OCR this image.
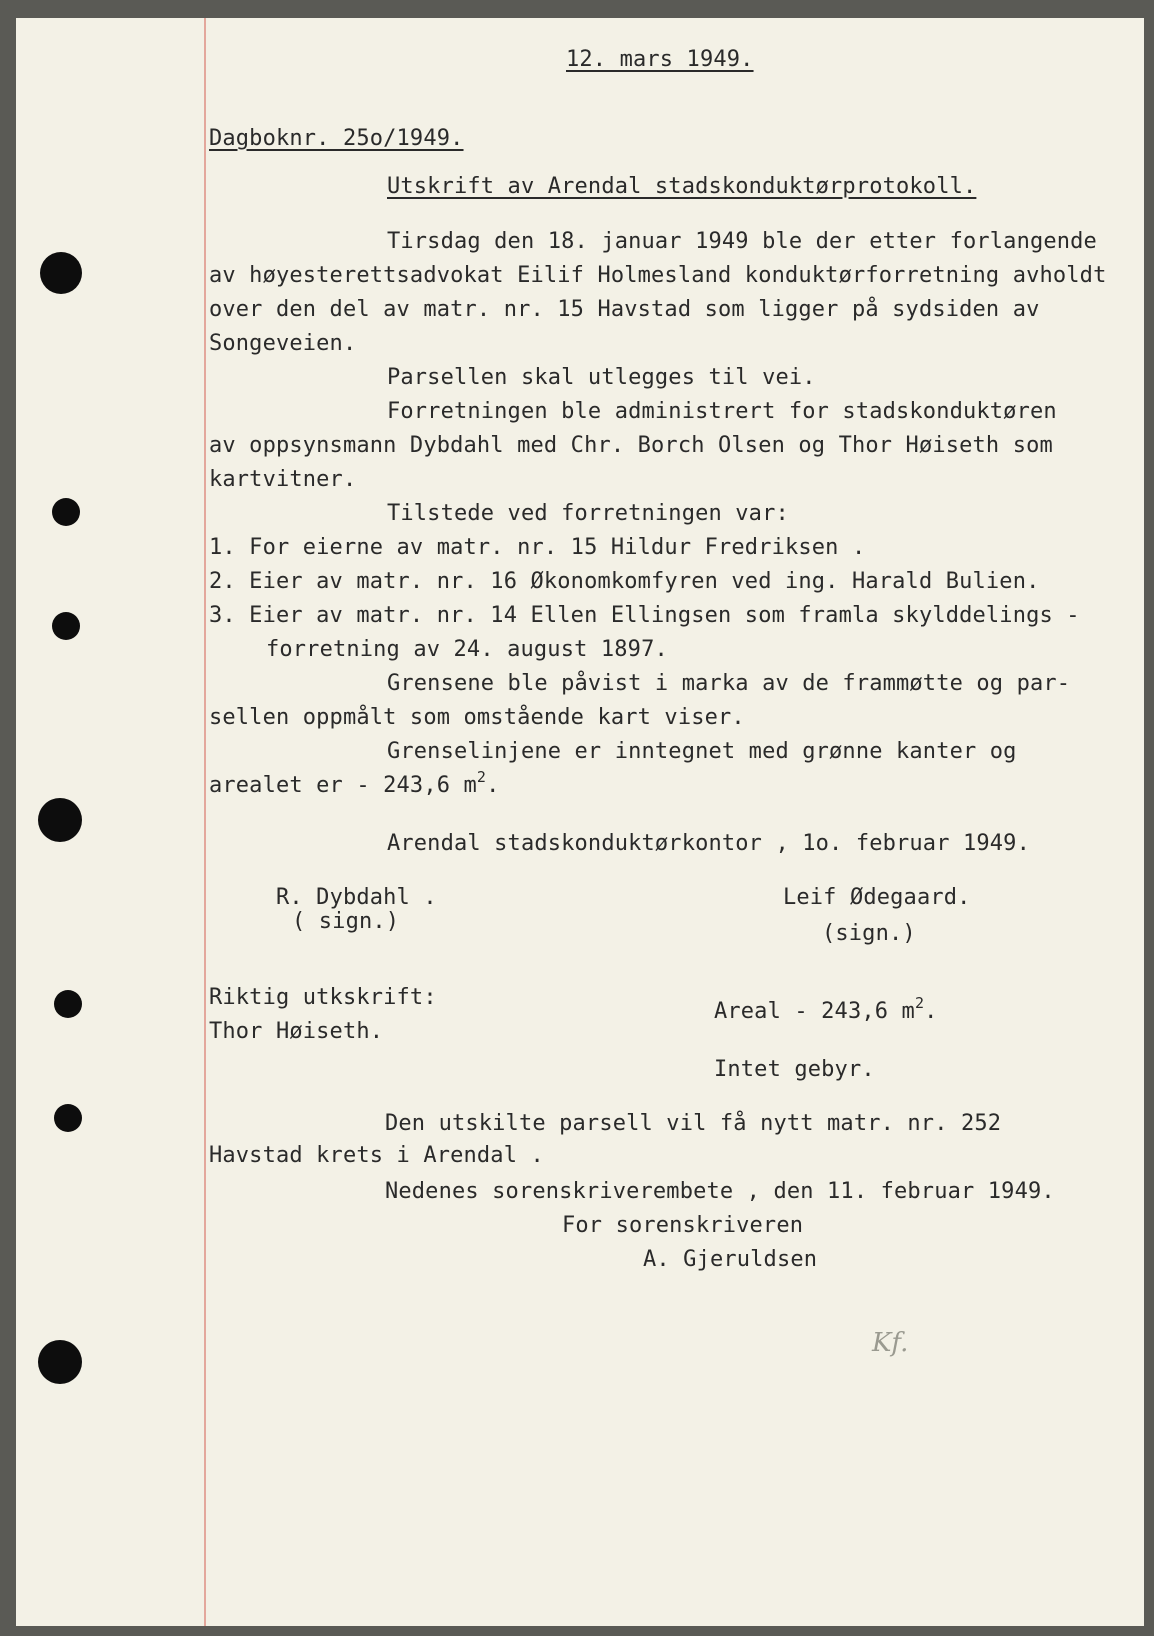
12. mars 1949.

Dagboknr. 25o/1949.

Utskrift av Arendal stadskonduktørprotokoll.

Tirsdag den 18. januar 1949 ble der etter forlangende

av høyesterettsadvokat Eilif Holmesland konduktørforretning avholdt

over den del av matr. nr. 15 Havstad som ligger på sydsiden av

Songeveien.

Parsellen skal utlegges til vei.

Forretningen ble administrert for stadskonduktøren

av oppsynsmann Dybdahl med Chr. Borch Olsen og Thor Høiseth som

kartvitner.

Tilstede ved forretningen var:

1. For eierne av matr. nr. 15 Hildur Fredriksen .

2. Eier av matr. nr. 16 Økonomkomfyren ved ing. Harald Bulien.

3. Eier av matr. nr. 14 Ellen Ellingsen som framla skylddelings -

forretning av 24. august 1897.

Grensene ble påvist i marka av de frammøtte og par-

sellen oppmålt som omstående kart viser.

Grenselinjene er inntegnet med grønne kanter og

arealet er - 243,6 $m^2$.

Arendal stadskonduktørkontor , 1o. februar 1949.

R. Dybdahl .

( sign.)

Leif Ødegaard.

(sign.)

Riktig utkskrift:

Thor Høiseth.

Areal - 243,6 $m^2$.

Intet gebyr.

Den utskilte parsell vil få nytt matr. nr. 252

Havstad krets i Arendal .

Nedenes sorenskriverembete , den 11. februar 1949.

For sorenskriveren

A. Gjeruldsen

Kf.
